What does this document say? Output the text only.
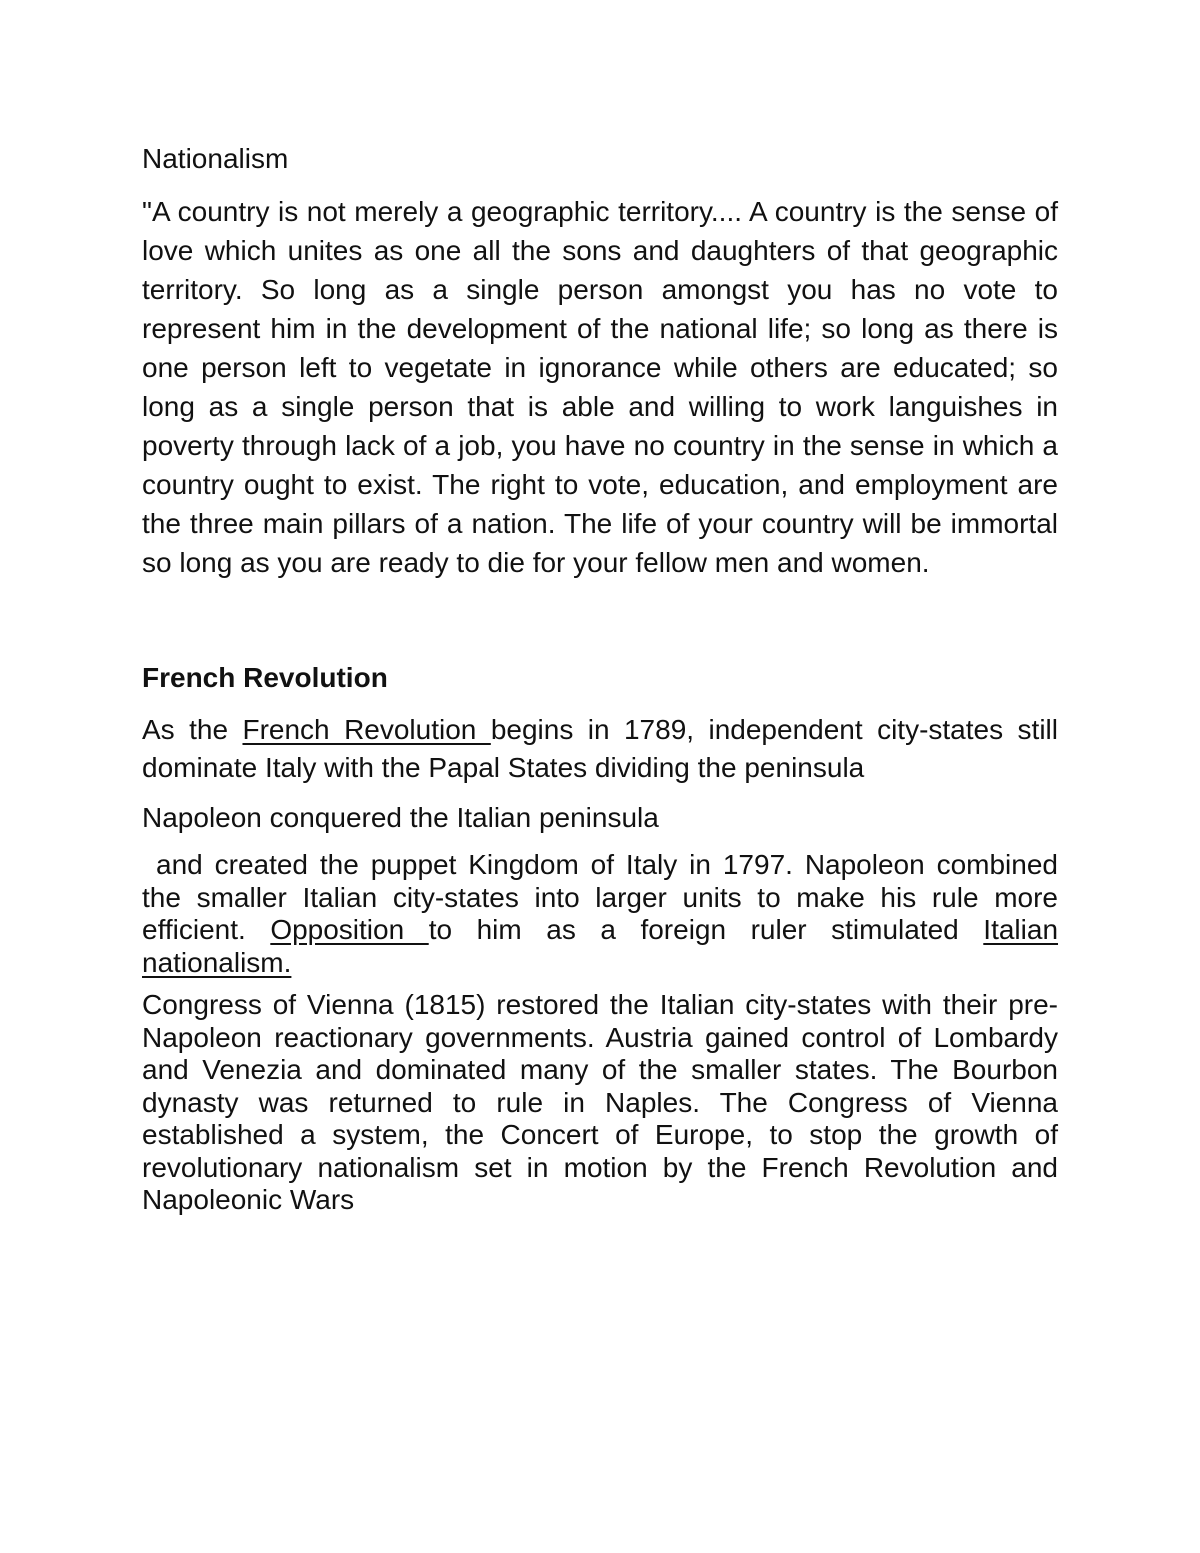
Nationalism

"A country is not merely a geographic territory.... A country is the sense of love which unites as one all the sons and daughters of that geographic territory. So long as a single person amongst you has no vote to represent him in the development of the national life; so long as there is one person left to vegetate in ignorance while others are educated; so long as a single person that is able and willing to work languishes in poverty through lack of a job, you have no country in the sense in which a country ought to exist. The right to vote, education, and employment are the three main pillars of a nation. The life of your country will be immortal so long as you are ready to die for your fellow men and women.

French Revolution

As the French Revolution begins in 1789, independent city-states still dominate Italy with the Papal States dividing the peninsula

Napoleon conquered the Italian peninsula

and created the puppet Kingdom of Italy in 1797. Napoleon combined the smaller Italian city-states into larger units to make his rule more efficient. Opposition to him as a foreign ruler stimulated Italian nationalism.

Congress of Vienna (1815) restored the Italian city-states with their pre-Napoleon reactionary governments. Austria gained control of Lombardy and Venezia and dominated many of the smaller states. The Bourbon dynasty was returned to rule in Naples. The Congress of Vienna established a system, the Concert of Europe, to stop the growth of revolutionary nationalism set in motion by the French Revolution and Napoleonic Wars
